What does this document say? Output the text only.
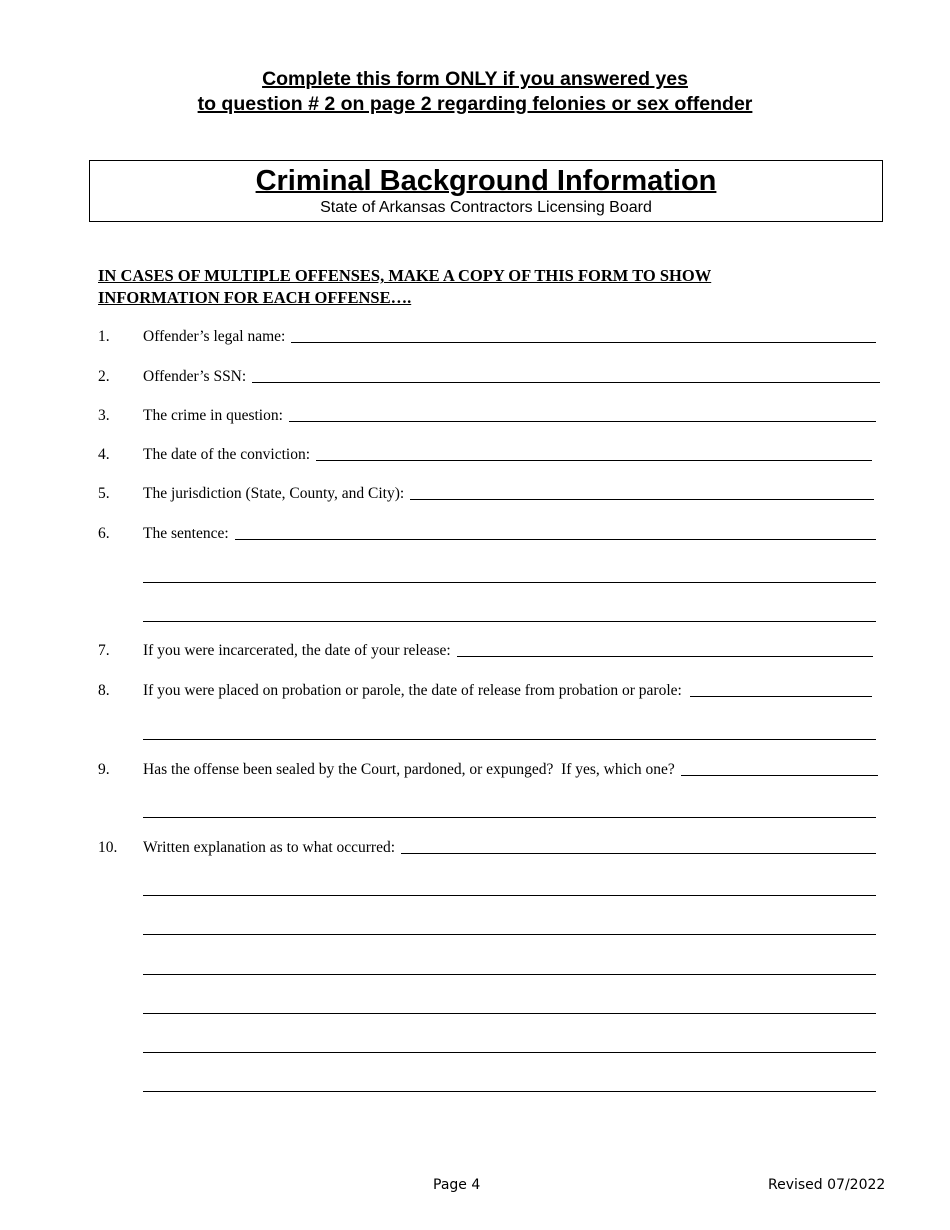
Complete this form ONLY if you answered yes
to question # 2 on page 2 regarding felonies or sex offender
Criminal Background Information
State of Arkansas Contractors Licensing Board
IN CASES OF MULTIPLE OFFENSES, MAKE A COPY OF THIS FORM TO SHOW
INFORMATION FOR EACH OFFENSE….
1.	Offender’s legal name:
2.	Offender’s SSN:
3.	The crime in question:
4.	The date of the conviction:
5.	The jurisdiction (State, County, and City):
6.	The sentence:
7.	If you were incarcerated, the date of your release:
8.	If you were placed on probation or parole, the date of release from probation or parole:
9.	Has the offense been sealed by the Court, pardoned, or expunged?  If yes, which one?
10.	Written explanation as to what occurred:
Page 4	Revised 07/2022
